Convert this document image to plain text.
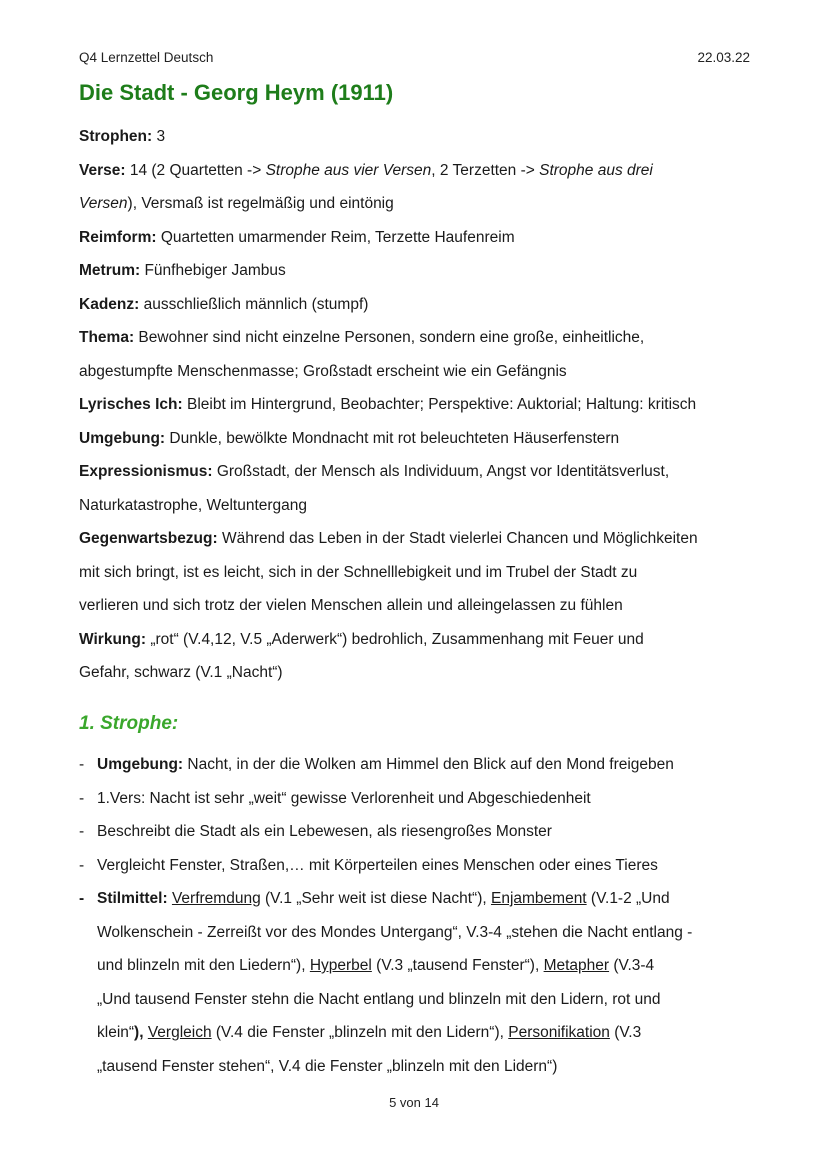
Q4 Lernzettel Deutsch	22.03.22
Die Stadt - Georg Heym (1911)

Strophen: 3

Verse: 14 (2 Quartetten -> Strophe aus vier Versen, 2 Terzetten -> Strophe aus drei

Versen), Versmaß ist regelmäßig und eintönig

Reimform: Quartetten umarmender Reim, Terzette Haufenreim

Metrum: Fünfhebiger Jambus

Kadenz: ausschließlich männlich (stumpf)

Thema: Bewohner sind nicht einzelne Personen, sondern eine große, einheitliche,

abgestumpfte Menschenmasse; Großstadt erscheint wie ein Gefängnis

Lyrisches Ich: Bleibt im Hintergrund, Beobachter; Perspektive: Auktorial; Haltung: kritisch

Umgebung: Dunkle, bewölkte Mondnacht mit rot beleuchteten Häuserfenstern

Expressionismus: Großstadt, der Mensch als Individuum, Angst vor Identitätsverlust,

Naturkatastrophe, Weltuntergang

Gegenwartsbezug: Während das Leben in der Stadt vielerlei Chancen und Möglichkeiten

mit sich bringt, ist es leicht, sich in der Schnelllebigkeit und im Trubel der Stadt zu

verlieren und sich trotz der vielen Menschen allein und alleingelassen zu fühlen

Wirkung: „rot“ (V.4,12, V.5 „Aderwerk“) bedrohlich, Zusammenhang mit Feuer und

Gefahr, schwarz (V.1 „Nacht“)

1. Strophe:
- Umgebung: Nacht, in der die Wolken am Himmel den Blick auf den Mond freigeben
- 1.Vers: Nacht ist sehr „weit“ gewisse Verlorenheit und Abgeschiedenheit
- Beschreibt die Stadt als ein Lebewesen, als riesengroßes Monster
- Vergleicht Fenster, Straßen,… mit Körperteilen eines Menschen oder eines Tieres
- Stilmittel: Verfremdung (V.1 „Sehr weit ist diese Nacht“), Enjambement (V.1-2 „Und
Wolkenschein - Zerreißt vor des Mondes Untergang“, V.3-4 „stehen die Nacht entlang -
und blinzeln mit den Liedern“), Hyperbel (V.3 „tausend Fenster“), Metapher (V.3-4
„Und tausend Fenster stehn die Nacht entlang und blinzeln mit den Lidern, rot und
klein“), Vergleich (V.4 die Fenster „blinzeln mit den Lidern“), Personifikation (V.3
„tausend Fenster stehen“, V.4 die Fenster „blinzeln mit den Lidern“)
5 von 14
